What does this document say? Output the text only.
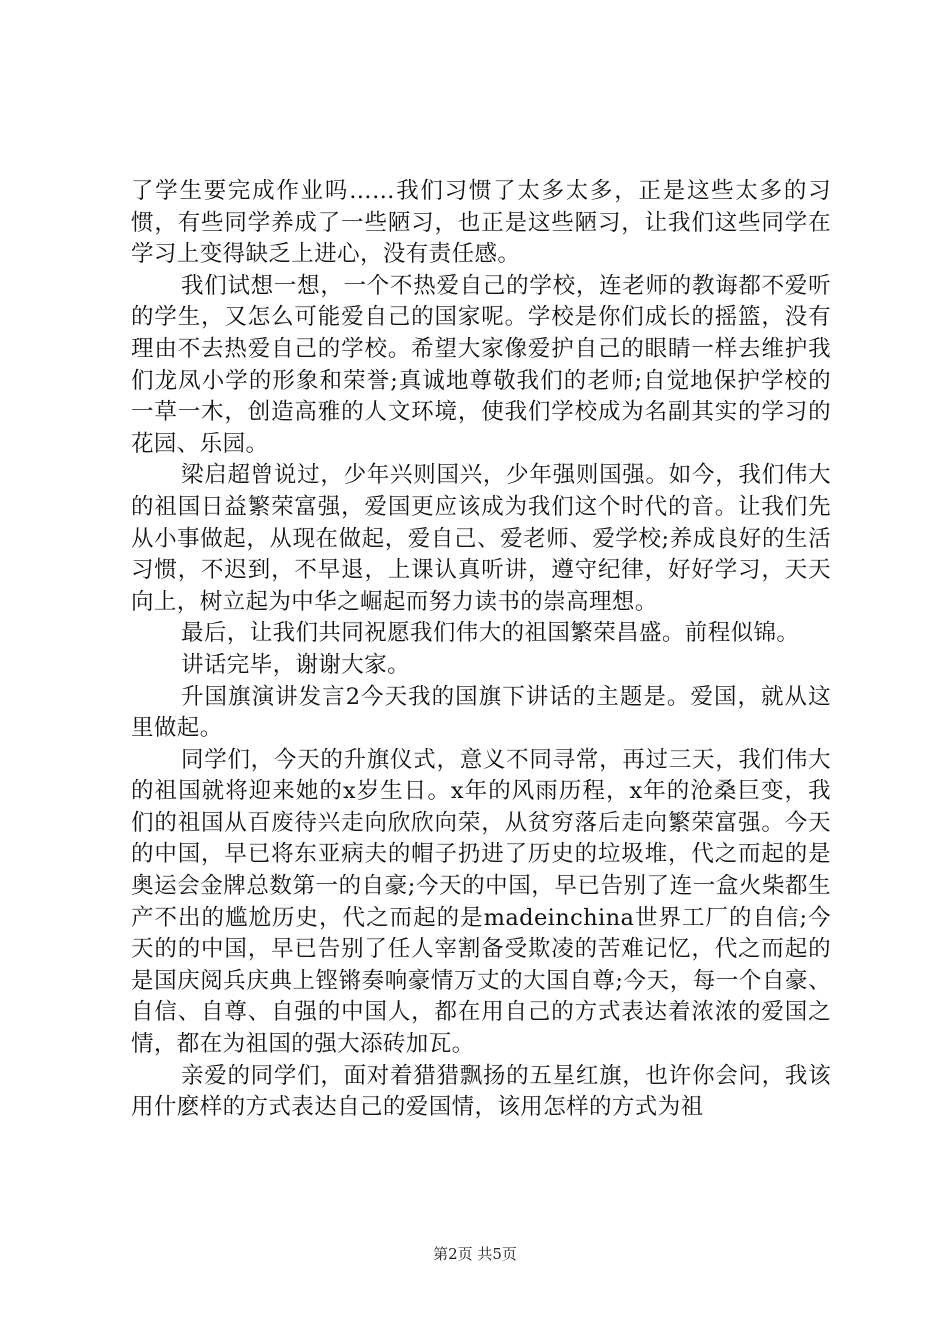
了学生要完成作业吗……我们习惯了太多太多，正是这些太多的习惯，有些同学养成了一些陋习，也正是这些陋习，让我们这些同学在学习上变得缺乏上进心，没有责任感。

我们试想一想，一个不热爱自己的学校，连老师的教诲都不爱听的学生，又怎么可能爱自己的国家呢。学校是你们成长的摇篮，没有理由不去热爱自己的学校。希望大家像爱护自己的眼睛一样去维护我们龙凤小学的形象和荣誉;真诚地尊敬我们的老师;自觉地保护学校的一草一木，创造高雅的人文环境，使我们学校成为名副其实的学习的花园、乐园。

梁启超曾说过，少年兴则国兴，少年强则国强。如今，我们伟大的祖国日益繁荣富强，爱国更应该成为我们这个时代的音。让我们先从小事做起，从现在做起，爱自己、爱老师、爱学校;养成良好的生活习惯，不迟到，不早退，上课认真听讲，遵守纪律，好好学习，天天向上，树立起为中华之崛起而努力读书的崇高理想。

最后，让我们共同祝愿我们伟大的祖国繁荣昌盛。前程似锦。

讲话完毕，谢谢大家。

升国旗演讲发言2今天我的国旗下讲话的主题是。爱国，就从这里做起。

同学们，今天的升旗仪式，意义不同寻常，再过三天，我们伟大的祖国就将迎来她的x岁生日。x年的风雨历程，x年的沧桑巨变，我们的祖国从百废待兴走向欣欣向荣，从贫穷落后走向繁荣富强。今天的中国，早已将东亚病夫的帽子扔进了历史的垃圾堆，代之而起的是奥运会金牌总数第一的自豪;今天的中国，早已告别了连一盒火柴都生产不出的尴尬历史，代之而起的是madeinchina世界工厂的自信;今天的的中国，早已告别了任人宰割备受欺凌的苦难记忆，代之而起的是国庆阅兵庆典上铿锵奏响豪情万丈的大国自尊;今天，每一个自豪、自信、自尊、自强的中国人，都在用自己的方式表达着浓浓的爱国之情，都在为祖国的强大添砖加瓦。

亲爱的同学们，面对着猎猎飘扬的五星红旗，也许你会问，我该用什麽样的方式表达自己的爱国情，该用怎样的方式为祖

第2页 共5页
